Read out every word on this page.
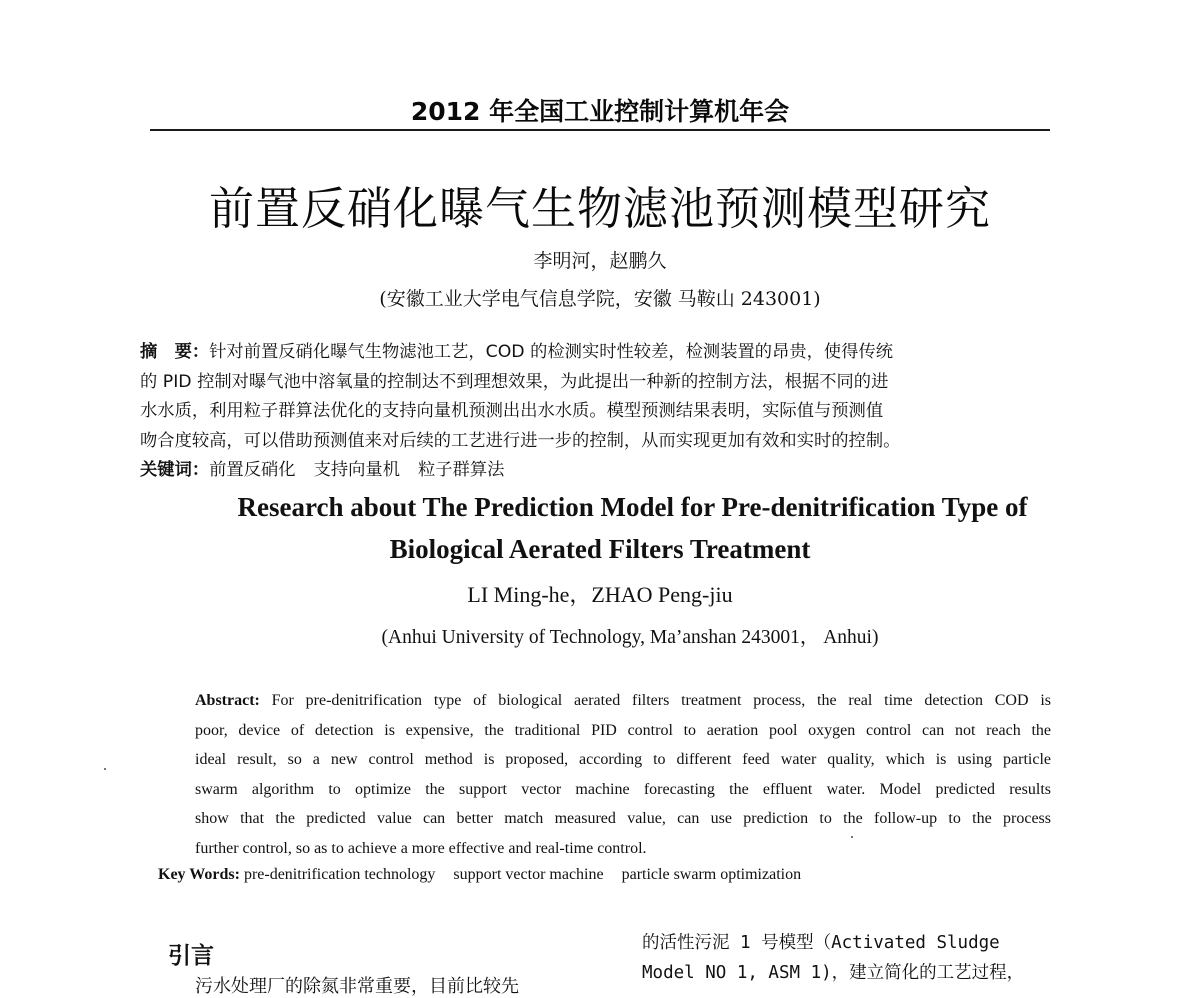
2012 年全国工业控制计算机年会
前置反硝化曝气生物滤池预测模型研究
李明河，赵鹏久
(安徽工业大学电气信息学院，安徽 马鞍山 243001)
摘　要：针对前置反硝化曝气生物滤池工艺，COD 的检测实时性较差，检测装置的昂贵，使得传统
的 PID 控制对曝气池中溶氧量的控制达不到理想效果，为此提出一种新的控制方法，根据不同的进
水水质，利用粒子群算法优化的支持向量机预测出出水水质。模型预测结果表明，实际值与预测值
吻合度较高，可以借助预测值来对后续的工艺进行进一步的控制，从而实现更加有效和实时的控制。
关键词：前置反硝化 支持向量机 粒子群算法
Research about The Prediction Model for Pre-denitrification Type of
Biological Aerated Filters Treatment
LI Ming-he，ZHAO Peng-jiu
(Anhui University of Technology, Ma’anshan 243001， Anhui)
Abstract: For pre-denitrification type of biological aerated filters treatment process, the real time detection COD is
poor, device of detection is expensive, the traditional PID control to aeration pool oxygen control can not reach the
ideal result, so a new control method is proposed, according to different feed water quality, which is using particle
swarm algorithm to optimize the support vector machine forecasting the effluent water. Model predicted results
show that the predicted value can better match measured value, can use prediction to the follow-up to the process
further control, so as to achieve a more effective and real-time control.
Key Words: pre-denitrification technology support vector machine particle swarm optimization
引言
污水处理厂的除氮非常重要，目前比较先
的活性污泥 1 号模型（Activated Sludge
Model NO 1, ASM 1)，建立简化的工艺过程，
